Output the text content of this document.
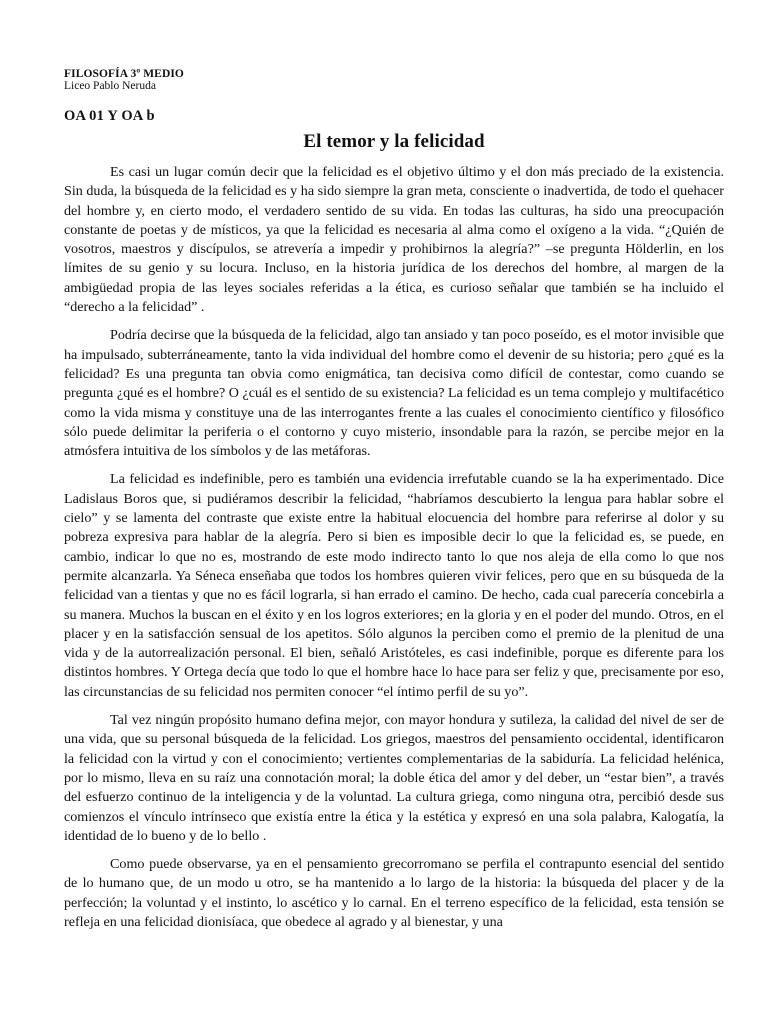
FILOSOFÍA 3º MEDIO
Liceo Pablo Neruda
OA 01 Y OA b
El temor y la felicidad

Es casi un lugar común decir que la felicidad es el objetivo último y el don más preciado de la existencia. Sin duda, la búsqueda de la felicidad es y ha sido siempre la gran meta, consciente o inadvertida, de todo el quehacer del hombre y, en cierto modo, el verdadero sentido de su vida. En todas las culturas, ha sido una preocupación constante de poetas y de místicos, ya que la felicidad es necesaria al alma como el oxígeno a la vida. “¿Quién de vosotros, maestros y discípulos, se atrevería a impedir y prohibirnos la alegría?” –se pregunta Hölderlin, en los límites de su genio y su locura. Incluso, en la historia jurídica de los derechos del hombre, al margen de la ambigüedad propia de las leyes sociales referidas a la ética, es curioso señalar que también se ha incluido el “derecho a la felicidad” .

Podría decirse que la búsqueda de la felicidad, algo tan ansiado y tan poco poseído, es el motor invisible que ha impulsado, subterráneamente, tanto la vida individual del hombre como el devenir de su historia; pero ¿qué es la felicidad? Es una pregunta tan obvia como enigmática, tan decisiva como difícil de contestar, como cuando se pregunta ¿qué es el hombre? O ¿cuál es el sentido de su existencia? La felicidad es un tema complejo y multifacético como la vida misma y constituye una de las interrogantes frente a las cuales el conocimiento científico y filosófico sólo puede delimitar la periferia o el contorno y cuyo misterio, insondable para la razón, se percibe mejor en la atmósfera intuitiva de los símbolos y de las metáforas.

La felicidad es indefinible, pero es también una evidencia irrefutable cuando se la ha experimentado. Dice Ladislaus Boros que, si pudiéramos describir la felicidad, “habríamos descubierto la lengua para hablar sobre el cielo” y se lamenta del contraste que existe entre la habitual elocuencia del hombre para referirse al dolor y su pobreza expresiva para hablar de la alegría. Pero si bien es imposible decir lo que la felicidad es, se puede, en cambio, indicar lo que no es, mostrando de este modo indirecto tanto lo que nos aleja de ella como lo que nos permite alcanzarla. Ya Séneca enseñaba que todos los hombres quieren vivir felices, pero que en su búsqueda de la felicidad van a tientas y que no es fácil lograrla, si han errado el camino. De hecho, cada cual parecería concebirla a su manera. Muchos la buscan en el éxito y en los logros exteriores; en la gloria y en el poder del mundo. Otros, en el placer y en la satisfacción sensual de los apetitos. Sólo algunos la perciben como el premio de la plenitud de una vida y de la autorrealización personal. El bien, señaló Aristóteles, es casi indefinible, porque es diferente para los distintos hombres. Y Ortega decía que todo lo que el hombre hace lo hace para ser feliz y que, precisamente por eso, las circunstancias de su felicidad nos permiten conocer “el íntimo perfil de su yo”.

Tal vez ningún propósito humano defina mejor, con mayor hondura y sutileza, la calidad del nivel de ser de una vida, que su personal búsqueda de la felicidad. Los griegos, maestros del pensamiento occidental, identificaron la felicidad con la virtud y con el conocimiento; vertientes complementarias de la sabiduría. La felicidad helénica, por lo mismo, lleva en su raíz una connotación moral; la doble ética del amor y del deber, un “estar bien”, a través del esfuerzo continuo de la inteligencia y de la voluntad. La cultura griega, como ninguna otra, percibió desde sus comienzos el vínculo intrínseco que existía entre la ética y la estética y expresó en una sola palabra, Kalogatía, la identidad de lo bueno y de lo bello .

Como puede observarse, ya en el pensamiento grecorromano se perfila el contrapunto esencial del sentido de lo humano que, de un modo u otro, se ha mantenido a lo largo de la historia: la búsqueda del placer y de la perfección; la voluntad y el instinto, lo ascético y lo carnal. En el terreno específico de la felicidad, esta tensión se refleja en una felicidad dionisíaca, que obedece al agrado y al bienestar, y una
